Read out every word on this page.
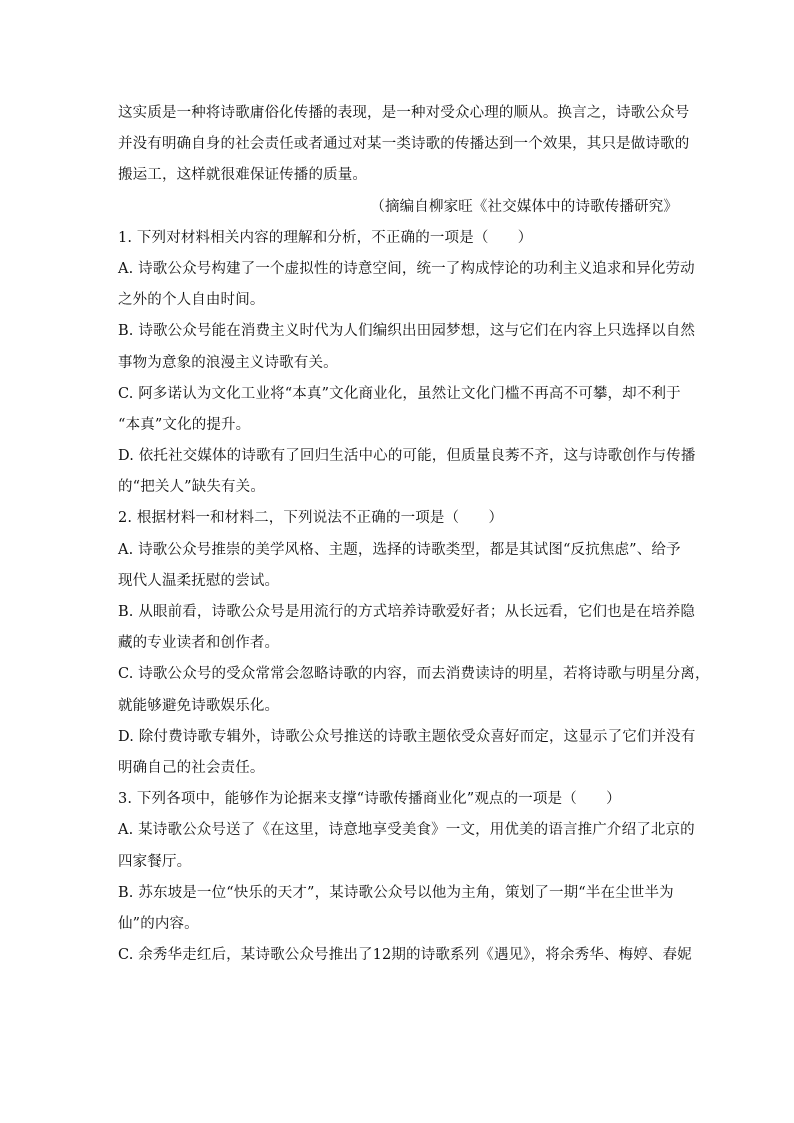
这实质是一种将诗歌庸俗化传播的表现，是一种对受众心理的顺从。换言之，诗歌公众号
并没有明确自身的社会责任或者通过对某一类诗歌的传播达到一个效果，其只是做诗歌的
搬运工，这样就很难保证传播的质量。
（摘编自柳家旺《社交媒体中的诗歌传播研究》
1. 下列对材料相关内容的理解和分析，不正确的一项是（　　）
A. 诗歌公众号构建了一个虚拟性的诗意空间，统一了构成悖论的功利主义追求和异化劳动
之外的个人自由时间。
B. 诗歌公众号能在消费主义时代为人们编织出田园梦想，这与它们在内容上只选择以自然
事物为意象的浪漫主义诗歌有关。
C. 阿多诺认为文化工业将“本真”文化商业化，虽然让文化门槛不再高不可攀，却不利于
“本真”文化的提升。
D. 依托社交媒体的诗歌有了回归生活中心的可能，但质量良莠不齐，这与诗歌创作与传播
的“把关人”缺失有关。
2. 根据材料一和材料二，下列说法不正确的一项是（　　）
A. 诗歌公众号推崇的美学风格、主题，选择的诗歌类型，都是其试图“反抗焦虑”、给予
现代人温柔抚慰的尝试。
B. 从眼前看，诗歌公众号是用流行的方式培养诗歌爱好者；从长远看，它们也是在培养隐
藏的专业读者和创作者。
C. 诗歌公众号的受众常常会忽略诗歌的内容，而去消费读诗的明星，若将诗歌与明星分离，
就能够避免诗歌娱乐化。
D. 除付费诗歌专辑外，诗歌公众号推送的诗歌主题依受众喜好而定，这显示了它们并没有
明确自己的社会责任。
3. 下列各项中，能够作为论据来支撑“诗歌传播商业化”观点的一项是（　　）
A. 某诗歌公众号送了《在这里，诗意地享受美食》一文，用优美的语言推广介绍了北京的
四家餐厅。
B. 苏东坡是一位“快乐的天才”，某诗歌公众号以他为主角，策划了一期“半在尘世半为
仙”的内容。
C. 余秀华走红后，某诗歌公众号推出了12期的诗歌系列《遇见》，将余秀华、梅婷、春妮
